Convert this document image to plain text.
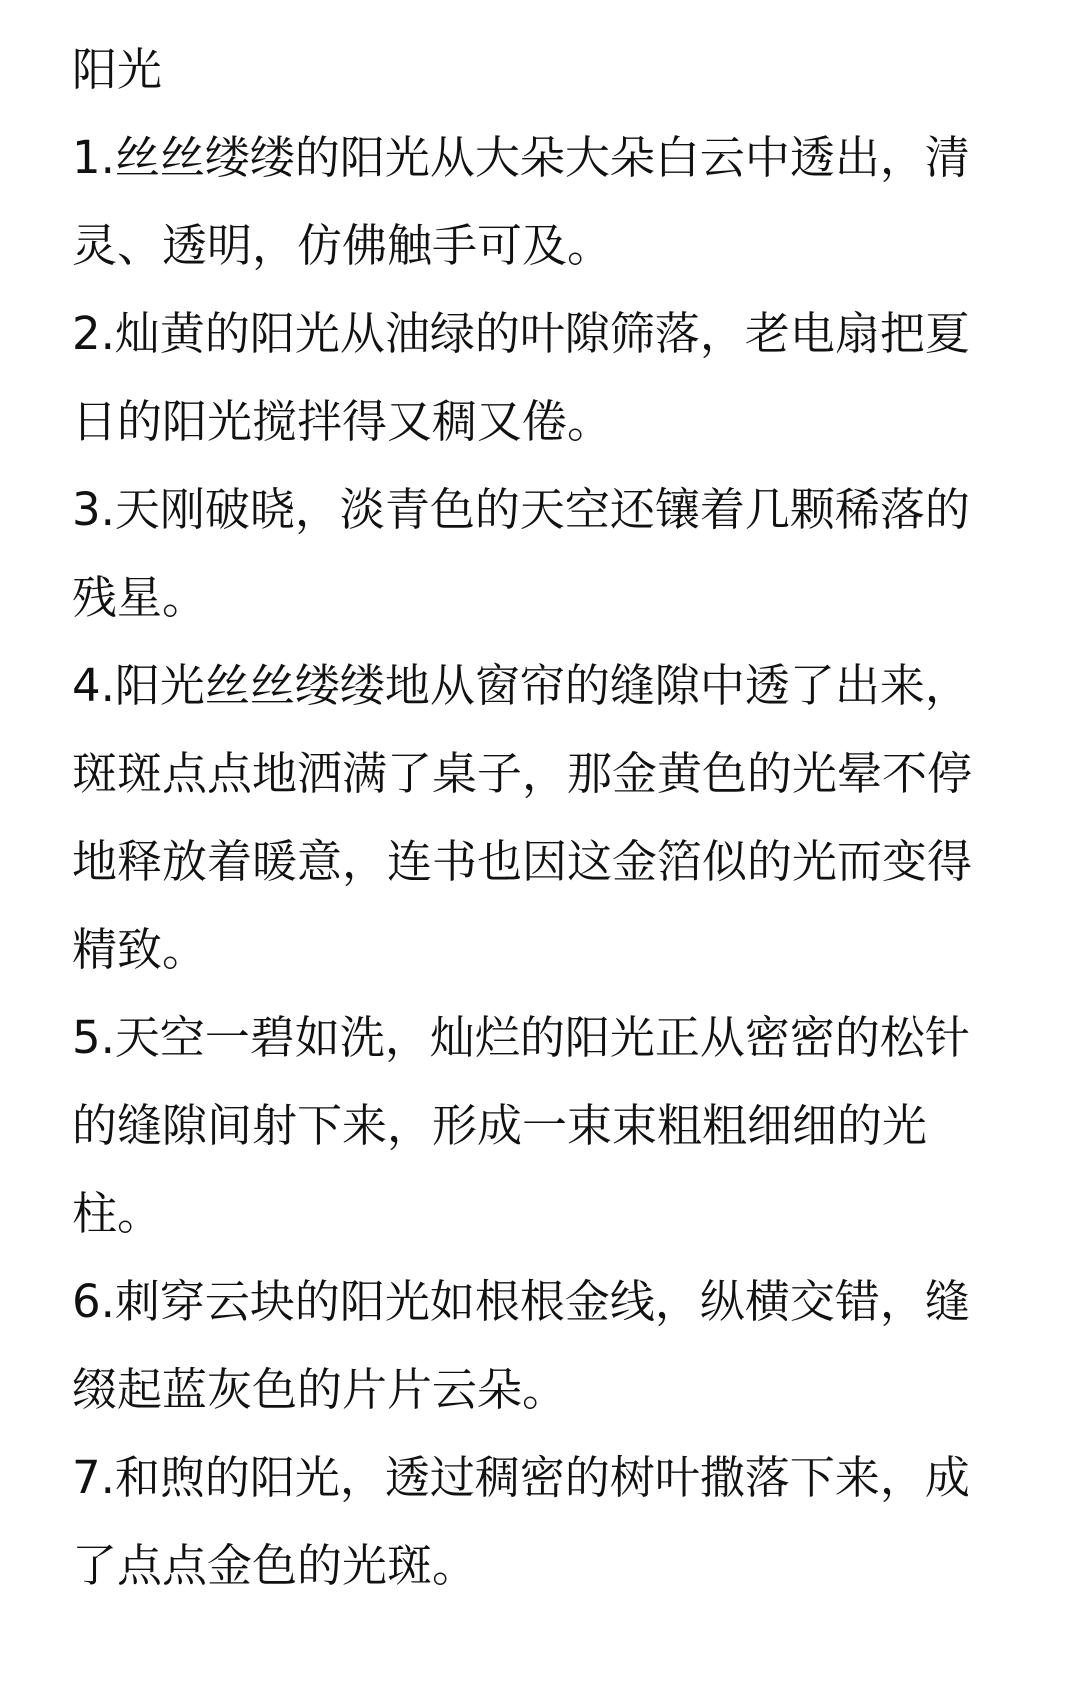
阳光

1.丝丝缕缕的阳光从大朵大朵白云中透出，清灵、透明，仿佛触手可及。

2.灿黄的阳光从油绿的叶隙筛落，老电扇把夏日的阳光搅拌得又稠又倦。

3.天刚破晓，淡青色的天空还镶着几颗稀落的残星。

4.阳光丝丝缕缕地从窗帘的缝隙中透了出来，斑斑点点地洒满了桌子，那金黄色的光晕不停地释放着暖意，连书也因这金箔似的光而变得精致。

5.天空一碧如洗，灿烂的阳光正从密密的松针的缝隙间射下来，形成一束束粗粗细细的光柱。

6.刺穿云块的阳光如根根金线，纵横交错，缝缀起蓝灰色的片片云朵。

7.和煦的阳光，透过稠密的树叶撒落下来，成了点点金色的光斑。
